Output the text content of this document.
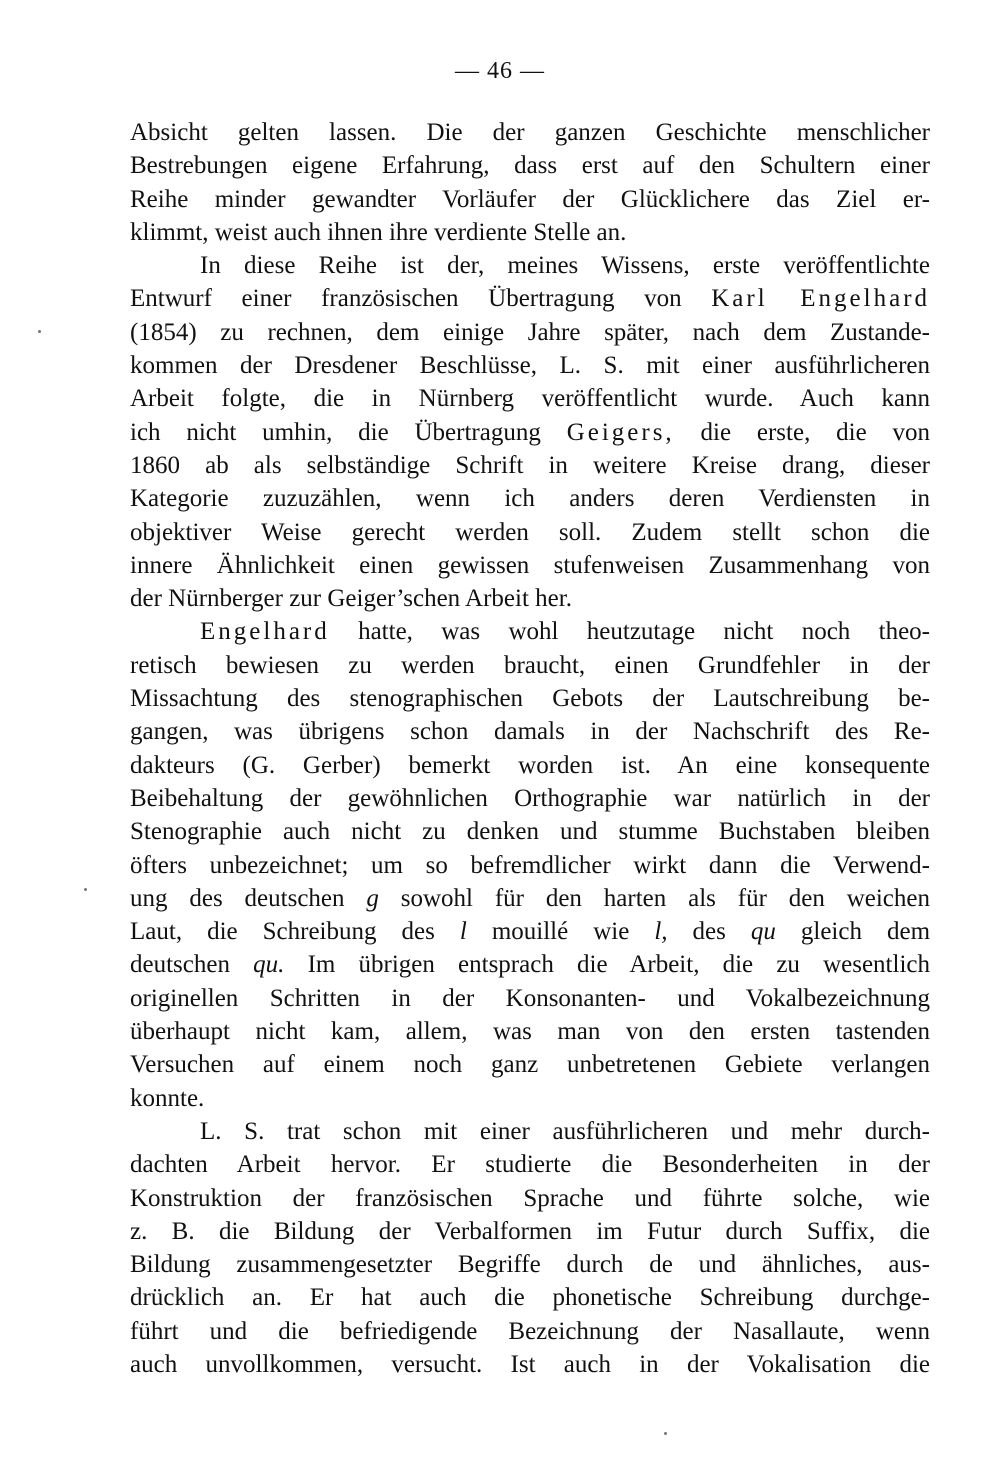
— 46 —
Absicht gelten lassen. Die der ganzen Geschichte menschlicher
Bestrebungen eigene Erfahrung, dass erst auf den Schultern einer
Reihe minder gewandter Vorläufer der Glücklichere das Ziel er-
klimmt, weist auch ihnen ihre verdiente Stelle an.
In diese Reihe ist der, meines Wissens, erste veröffentlichte
Entwurf einer französischen Übertragung von Karl Engelhard
(1854) zu rechnen, dem einige Jahre später, nach dem Zustande-
kommen der Dresdener Beschlüsse, L. S. mit einer ausführlicheren
Arbeit folgte, die in Nürnberg veröffentlicht wurde. Auch kann
ich nicht umhin, die Übertragung Geigers, die erste, die von
1860 ab als selbständige Schrift in weitere Kreise drang, dieser
Kategorie zuzuzählen, wenn ich anders deren Verdiensten in
objektiver Weise gerecht werden soll. Zudem stellt schon die
innere Ähnlichkeit einen gewissen stufenweisen Zusammenhang von
der Nürnberger zur Geiger’schen Arbeit her.
Engelhard hatte, was wohl heutzutage nicht noch theo-
retisch bewiesen zu werden braucht, einen Grundfehler in der
Missachtung des stenographischen Gebots der Lautschreibung be-
gangen, was übrigens schon damals in der Nachschrift des Re-
dakteurs (G. Gerber) bemerkt worden ist. An eine konsequente
Beibehaltung der gewöhnlichen Orthographie war natürlich in der
Stenographie auch nicht zu denken und stumme Buchstaben bleiben
öfters unbezeichnet; um so befremdlicher wirkt dann die Verwend-
ung des deutschen g sowohl für den harten als für den weichen
Laut, die Schreibung des l mouillé wie l, des qu gleich dem
deutschen qu. Im übrigen entsprach die Arbeit, die zu wesentlich
originellen Schritten in der Konsonanten- und Vokalbezeichnung
überhaupt nicht kam, allem, was man von den ersten tastenden
Versuchen auf einem noch ganz unbetretenen Gebiete verlangen
konnte.
L. S. trat schon mit einer ausführlicheren und mehr durch-
dachten Arbeit hervor. Er studierte die Besonderheiten in der
Konstruktion der französischen Sprache und führte solche, wie
z. B. die Bildung der Verbalformen im Futur durch Suffix, die
Bildung zusammengesetzter Begriffe durch de und ähnliches, aus-
drücklich an. Er hat auch die phonetische Schreibung durchge-
führt und die befriedigende Bezeichnung der Nasallaute, wenn
auch unvollkommen, versucht. Ist auch in der Vokalisation die
